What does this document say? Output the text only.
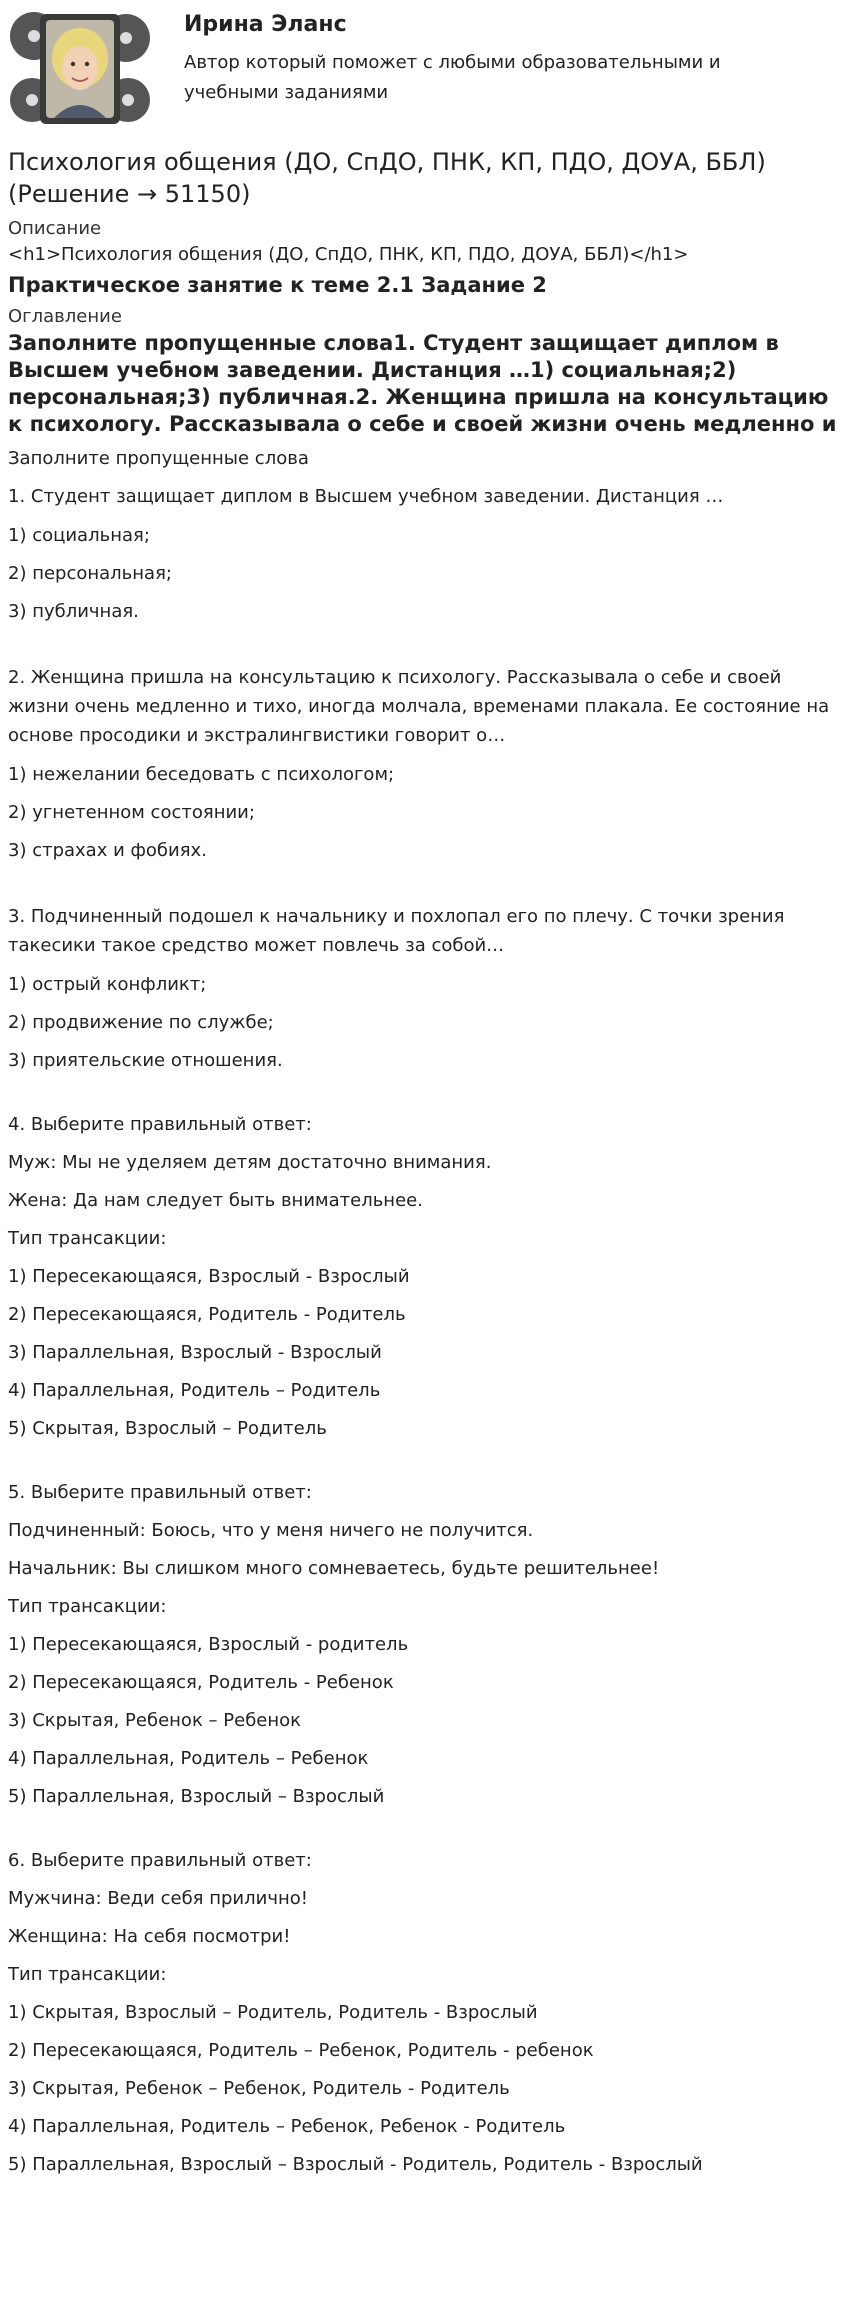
Ирина Эланс
Автор который поможет с любыми образовательными и учебными заданиями
Психология общения (ДО, СпДО, ПНК, КП, ПДО, ДОУА, ББЛ) (Решение → 51150)
Описание
<h1>Психология общения (ДО, СпДО, ПНК, КП, ПДО, ДОУА, ББЛ)</h1>
Практическое занятие к теме 2.1 Задание 2
Оглавление
Заполните пропущенные слова1. Студент защищает диплом в Высшем учебном заведении. Дистанция …1) социальная;2) персональная;3) публичная.2. Женщина пришла на консультацию к психологу. Рассказывала о себе и своей жизни очень медленно и
Заполните пропущенные слова

1. Студент защищает диплом в Высшем учебном заведении. Дистанция …

1) социальная;

2) персональная;

3) публичная.

2. Женщина пришла на консультацию к психологу. Рассказывала о себе и своей жизни очень медленно и тихо, иногда молчала, временами плакала. Ее состояние на основе просодики и экстралингвистики говорит о…

1) нежелании беседовать с психологом;

2) угнетенном состоянии;

3) страхах и фобиях.

3. Подчиненный подошел к начальнику и похлопал его по плечу. С точки зрения такесики такое средство может повлечь за собой…

1) острый конфликт;

2) продвижение по службе;

3) приятельские отношения.

4. Выберите правильный ответ:

Муж: Мы не уделяем детям достаточно внимания.

Жена: Да нам следует быть внимательнее.

Тип трансакции:

1) Пересекающаяся, Взрослый - Взрослый

2) Пересекающаяся, Родитель - Родитель

3) Параллельная, Взрослый - Взрослый

4) Параллельная, Родитель – Родитель

5) Скрытая, Взрослый – Родитель

5. Выберите правильный ответ:

Подчиненный: Боюсь, что у меня ничего не получится.

Начальник: Вы слишком много сомневаетесь, будьте решительнее!

Тип трансакции:

1) Пересекающаяся, Взрослый - родитель

2) Пересекающаяся, Родитель - Ребенок

3) Скрытая, Ребенок – Ребенок

4) Параллельная, Родитель – Ребенок

5) Параллельная, Взрослый – Взрослый

6. Выберите правильный ответ:

Мужчина: Веди себя прилично!

Женщина: На себя посмотри!

Тип трансакции:

1) Скрытая, Взрослый – Родитель, Родитель - Взрослый

2) Пересекающаяся, Родитель – Ребенок, Родитель - ребенок

3) Скрытая, Ребенок – Ребенок, Родитель - Родитель

4) Параллельная, Родитель – Ребенок, Ребенок - Родитель

5) Параллельная, Взрослый – Взрослый - Родитель, Родитель - Взрослый
